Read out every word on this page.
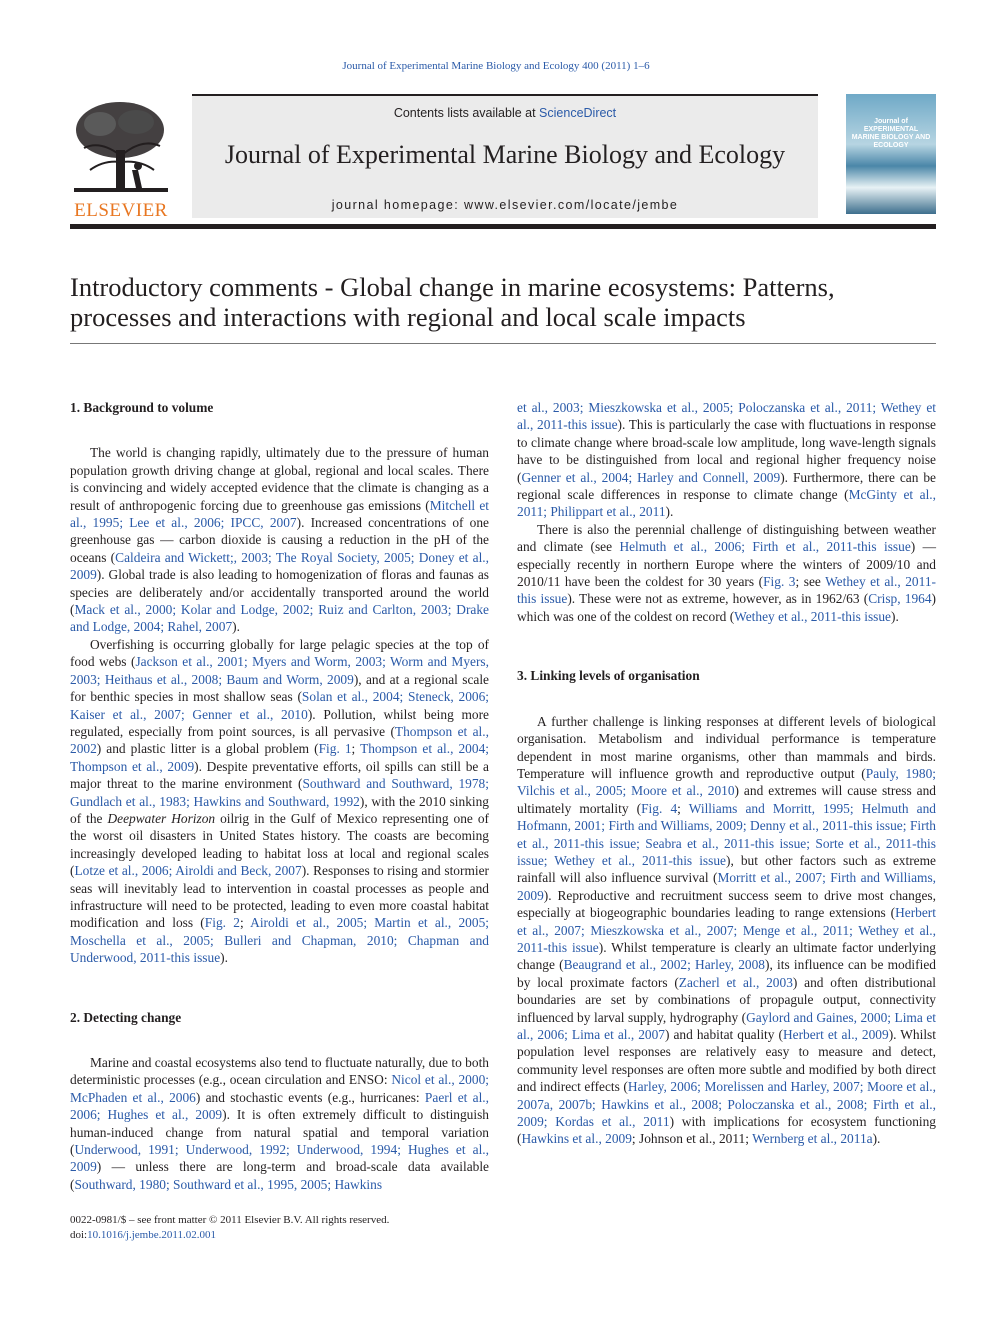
Journal of Experimental Marine Biology and Ecology 400 (2011) 1–6
ELSEVIER
Contents lists available at ScienceDirect
Journal of Experimental Marine Biology and Ecology
journal homepage: www.elsevier.com/locate/jembe
Journal of EXPERIMENTAL MARINE BIOLOGY AND ECOLOGY
Introductory comments - Global change in marine ecosystems: Patterns, processes and interactions with regional and local scale impacts
1. Background to volume

The world is changing rapidly, ultimately due to the pressure of human population growth driving change at global, regional and local scales. There is convincing and widely accepted evidence that the climate is changing as a result of anthropogenic forcing due to greenhouse gas emissions (Mitchell et al., 1995; Lee et al., 2006; IPCC, 2007). Increased concentrations of one greenhouse gas — carbon dioxide is causing a reduction in the pH of the oceans (Caldeira and Wickett;, 2003; The Royal Society, 2005; Doney et al., 2009). Global trade is also leading to homogenization of floras and faunas as species are deliberately and/or accidentally transported around the world (Mack et al., 2000; Kolar and Lodge, 2002; Ruiz and Carlton, 2003; Drake and Lodge, 2004; Rahel, 2007).

Overfishing is occurring globally for large pelagic species at the top of food webs (Jackson et al., 2001; Myers and Worm, 2003; Worm and Myers, 2003; Heithaus et al., 2008; Baum and Worm, 2009), and at a regional scale for benthic species in most shallow seas (Solan et al., 2004; Steneck, 2006; Kaiser et al., 2007; Genner et al., 2010). Pollution, whilst being more regulated, especially from point sources, is all pervasive (Thompson et al., 2002) and plastic litter is a global problem (Fig. 1; Thompson et al., 2004; Thompson et al., 2009). Despite preventative efforts, oil spills can still be a major threat to the marine environment (Southward and Southward, 1978; Gundlach et al., 1983; Hawkins and Southward, 1992), with the 2010 sinking of the Deepwater Horizon oilrig in the Gulf of Mexico representing one of the worst oil disasters in United States history. The coasts are becoming increasingly developed leading to habitat loss at local and regional scales (Lotze et al., 2006; Airoldi and Beck, 2007). Responses to rising and stormier seas will inevitably lead to intervention in coastal processes as people and infrastructure will need to be protected, leading to even more coastal habitat modification and loss (Fig. 2; Airoldi et al., 2005; Martin et al., 2005; Moschella et al., 2005; Bulleri and Chapman, 2010; Chapman and Underwood, 2011-this issue).

2. Detecting change

Marine and coastal ecosystems also tend to fluctuate naturally, due to both deterministic processes (e.g., ocean circulation and ENSO: Nicol et al., 2000; McPhaden et al., 2006) and stochastic events (e.g., hurricanes: Paerl et al., 2006; Hughes et al., 2009). It is often extremely difficult to distinguish human-induced change from natural spatial and temporal variation (Underwood, 1991; Underwood, 1992; Underwood, 1994; Hughes et al., 2009) — unless there are long-term and broad-scale data available (Southward, 1980; Southward et al., 1995, 2005; Hawkins

et al., 2003; Mieszkowska et al., 2005; Poloczanska et al., 2011; Wethey et al., 2011-this issue). This is particularly the case with fluctuations in response to climate change where broad-scale low amplitude, long wave-length signals have to be distinguished from local and regional higher frequency noise (Genner et al., 2004; Harley and Connell, 2009). Furthermore, there can be regional scale differences in response to climate change (McGinty et al., 2011; Philippart et al., 2011).

There is also the perennial challenge of distinguishing between weather and climate (see Helmuth et al., 2006; Firth et al., 2011-this issue) — especially recently in northern Europe where the winters of 2009/10 and 2010/11 have been the coldest for 30 years (Fig. 3; see Wethey et al., 2011-this issue). These were not as extreme, however, as in 1962/63 (Crisp, 1964) which was one of the coldest on record (Wethey et al., 2011-this issue).

3. Linking levels of organisation

A further challenge is linking responses at different levels of biological organisation. Metabolism and individual performance is temperature dependent in most marine organisms, other than mammals and birds. Temperature will influence growth and reproductive output (Pauly, 1980; Vilchis et al., 2005; Moore et al., 2010) and extremes will cause stress and ultimately mortality (Fig. 4; Williams and Morritt, 1995; Helmuth and Hofmann, 2001; Firth and Williams, 2009; Denny et al., 2011-this issue; Firth et al., 2011-this issue; Seabra et al., 2011-this issue; Sorte et al., 2011-this issue; Wethey et al., 2011-this issue), but other factors such as extreme rainfall will also influence survival (Morritt et al., 2007; Firth and Williams, 2009). Reproductive and recruitment success seem to drive most changes, especially at biogeographic boundaries leading to range extensions (Herbert et al., 2007; Mieszkowska et al., 2007; Menge et al., 2011; Wethey et al., 2011-this issue). Whilst temperature is clearly an ultimate factor underlying change (Beaugrand et al., 2002; Harley, 2008), its influence can be modified by local proximate factors (Zacherl et al., 2003) and often distributional boundaries are set by combinations of propagule output, connectivity influenced by larval supply, hydrography (Gaylord and Gaines, 2000; Lima et al., 2006; Lima et al., 2007) and habitat quality (Herbert et al., 2009). Whilst population level responses are relatively easy to measure and detect, community level responses are often more subtle and modified by both direct and indirect effects (Harley, 2006; Morelissen and Harley, 2007; Moore et al., 2007a, 2007b; Hawkins et al., 2008; Poloczanska et al., 2008; Firth et al., 2009; Kordas et al., 2011) with implications for ecosystem functioning (Hawkins et al., 2009; Johnson et al., 2011; Wernberg et al., 2011a).

0022-0981/$ – see front matter © 2011 Elsevier B.V. All rights reserved.
doi:10.1016/j.jembe.2011.02.001
